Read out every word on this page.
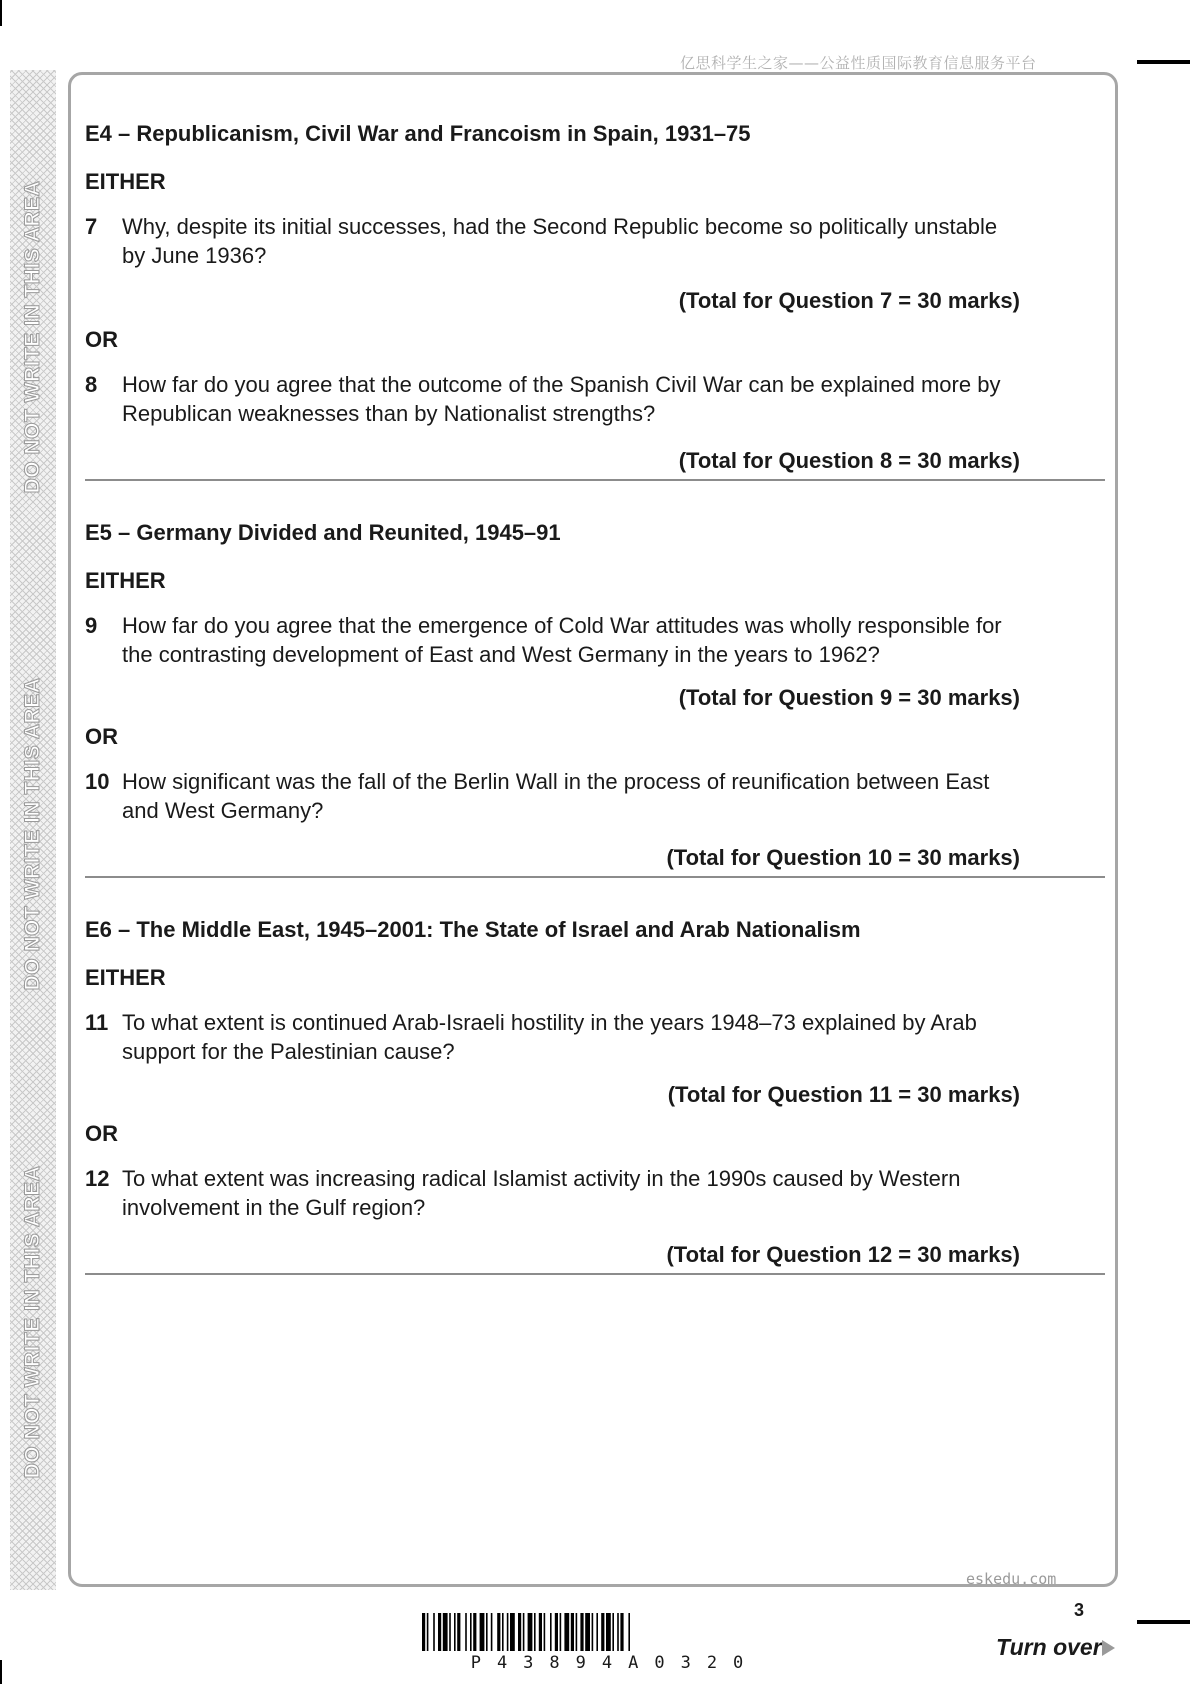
DO NOT WRITE IN THIS AREA
DO NOT WRITE IN THIS AREA
DO NOT WRITE IN THIS AREA
亿思科学生之家——公益性质国际教育信息服务平台
E4 – Republicanism, Civil War and Francoism in Spain, 1931–75
EITHER
7 Why, despite its initial successes, had the Second Republic become so politically unstable by June 1936?
(Total for Question 7 = 30 marks)
OR
8 How far do you agree that the outcome of the Spanish Civil War can be explained more by Republican weaknesses than by Nationalist strengths?
(Total for Question 8 = 30 marks)
E5 – Germany Divided and Reunited, 1945–91
EITHER
9 How far do you agree that the emergence of Cold War attitudes was wholly responsible for the contrasting development of East and West Germany in the years to 1962?
(Total for Question 9 = 30 marks)
OR
10 How significant was the fall of the Berlin Wall in the process of reunification between East and West Germany?
(Total for Question 10 = 30 marks)
E6 – The Middle East, 1945–2001: The State of Israel and Arab Nationalism
EITHER
11 To what extent is continued Arab-Israeli hostility in the years 1948–73 explained by Arab support for the Palestinian cause?
(Total for Question 11 = 30 marks)
OR
12 To what extent was increasing radical Islamist activity in the 1990s caused by Western involvement in the Gulf region?
(Total for Question 12 = 30 marks)
eskedu.com
P43894A0320
3
Turn over
